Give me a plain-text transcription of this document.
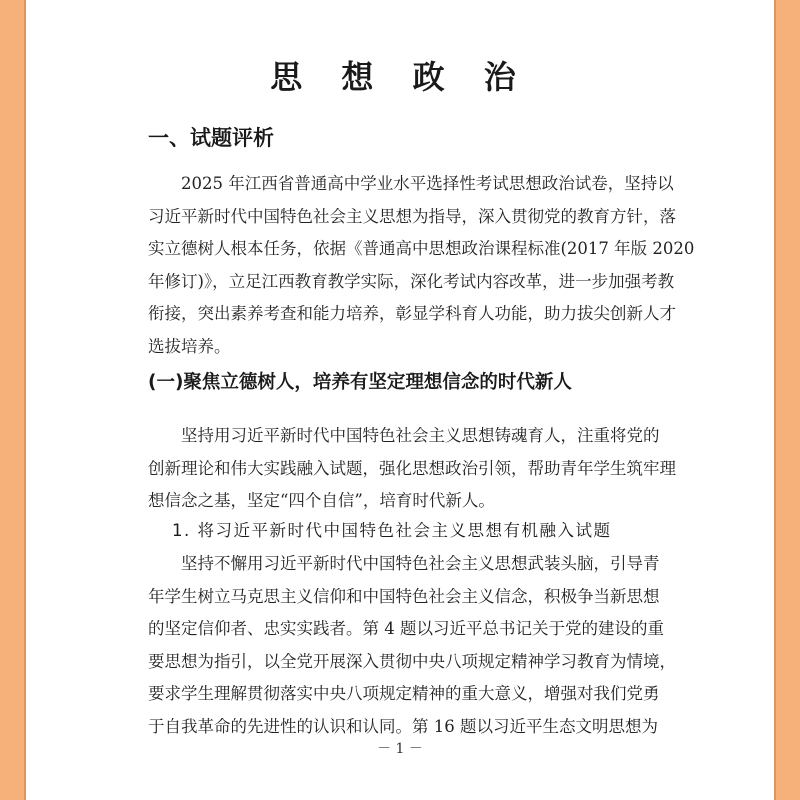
思 想 政 治
一、试题评析
　　2025 年江西省普通高中学业水平选择性考试思想政治试卷，坚持以
习近平新时代中国特色社会主义思想为指导，深入贯彻党的教育方针，落
实立德树人根本任务，依据《普通高中思想政治课程标准(2017 年版 2020
年修订)》，立足江西教育教学实际，深化考试内容改革，进一步加强考教
衔接，突出素养考查和能力培养，彰显学科育人功能，助力拔尖创新人才
选拔培养。
(一)聚焦立德树人，培养有坚定理想信念的时代新人
　　坚持用习近平新时代中国特色社会主义思想铸魂育人，注重将党的
创新理论和伟大实践融入试题，强化思想政治引领，帮助青年学生筑牢理
想信念之基，坚定“四个自信”，培育时代新人。
1. 将习近平新时代中国特色社会主义思想有机融入试题
　　坚持不懈用习近平新时代中国特色社会主义思想武装头脑，引导青
年学生树立马克思主义信仰和中国特色社会主义信念，积极争当新思想
的坚定信仰者、忠实实践者。第 4 题以习近平总书记关于党的建设的重
要思想为指引，以全党开展深入贯彻中央八项规定精神学习教育为情境，
要求学生理解贯彻落实中央八项规定精神的重大意义，增强对我们党勇
于自我革命的先进性的认识和认同。第 16 题以习近平生态文明思想为
－ 1 －
